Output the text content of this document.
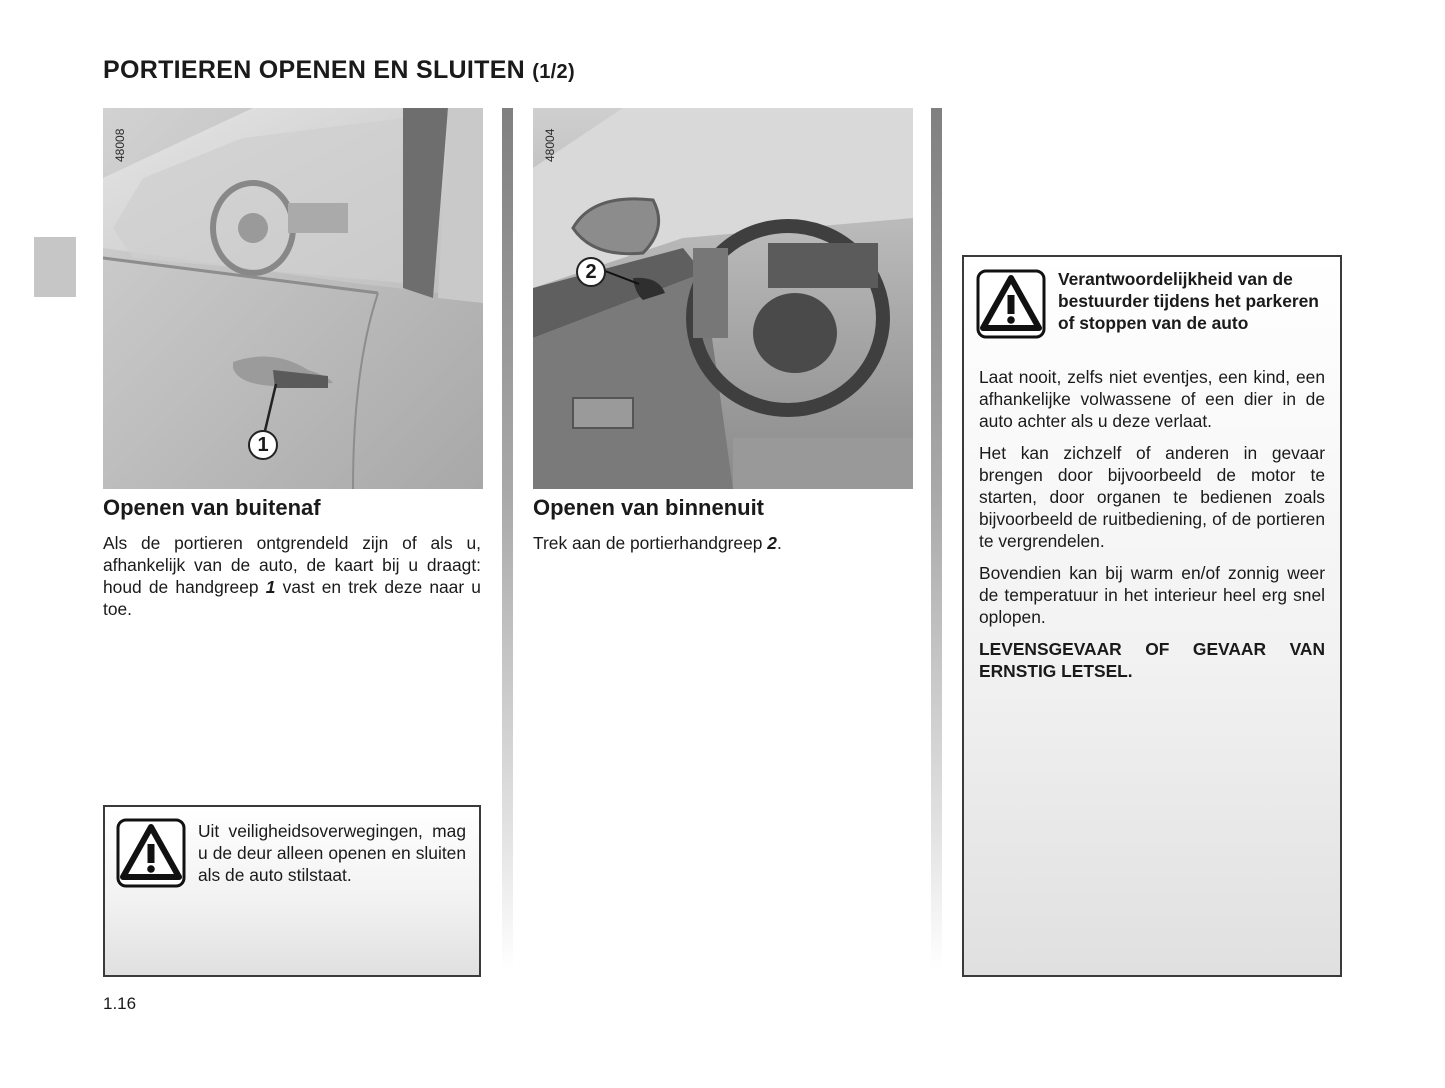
PORTIEREN OPENEN EN SLUITEN (1/2)
48008
1
Openen van buitenaf

Als de portieren ontgrendeld zijn of als u, afhankelijk van de auto, de kaart bij u draagt: houd de handgreep 1 vast en trek deze naar u toe.

Uit veiligheidsoverwegingen, mag u de deur alleen openen en sluiten als de auto stilstaat.

48004
2
Openen van binnenuit

Trek aan de portierhandgreep 2.

Verantwoordelijkheid van de bestuurder tijdens het parkeren of stoppen van de auto

Laat nooit, zelfs niet eventjes, een kind, een afhankelijke volwassene of een dier in de auto achter als u deze verlaat.

Het kan zichzelf of anderen in gevaar brengen door bijvoorbeeld de motor te starten, door organen te bedienen zoals bijvoorbeeld de ruitbediening, of de portieren te vergrendelen.

Bovendien kan bij warm en/of zonnig weer de temperatuur in het interieur heel erg snel oplopen.

LEVENSGEVAAR OF GEVAAR VAN ERNSTIG LETSEL.

1.16
